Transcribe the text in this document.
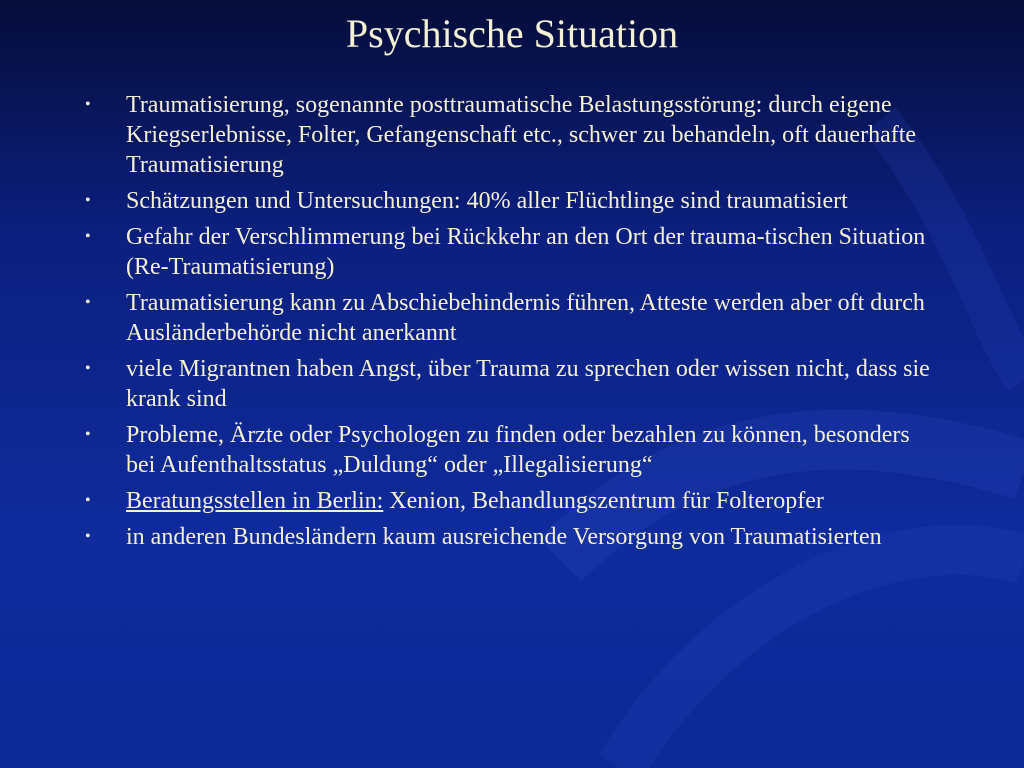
Psychische Situation
• Traumatisierung, sogenannte posttraumatische Belastungsstörung: durch eigene Kriegserlebnisse, Folter, Gefangenschaft etc., schwer zu behandeln, oft dauerhafte Traumatisierung
• Schätzungen und Untersuchungen: 40% aller Flüchtlinge sind traumatisiert
• Gefahr der Verschlimmerung bei Rückkehr an den Ort der trauma-tischen Situation (Re-Traumatisierung)
• Traumatisierung kann zu Abschiebehindernis führen, Atteste werden aber oft durch Ausländerbehörde nicht anerkannt
• viele Migrantnen haben Angst, über Trauma zu sprechen oder wissen nicht, dass sie krank sind
• Probleme, Ärzte oder Psychologen zu finden oder bezahlen zu können, besonders bei Aufenthaltsstatus „Duldung“ oder „Illegalisierung“
• Beratungsstellen in Berlin: Xenion, Behandlungszentrum für Folteropfer
• in anderen Bundesländern kaum ausreichende Versorgung von Traumatisierten
